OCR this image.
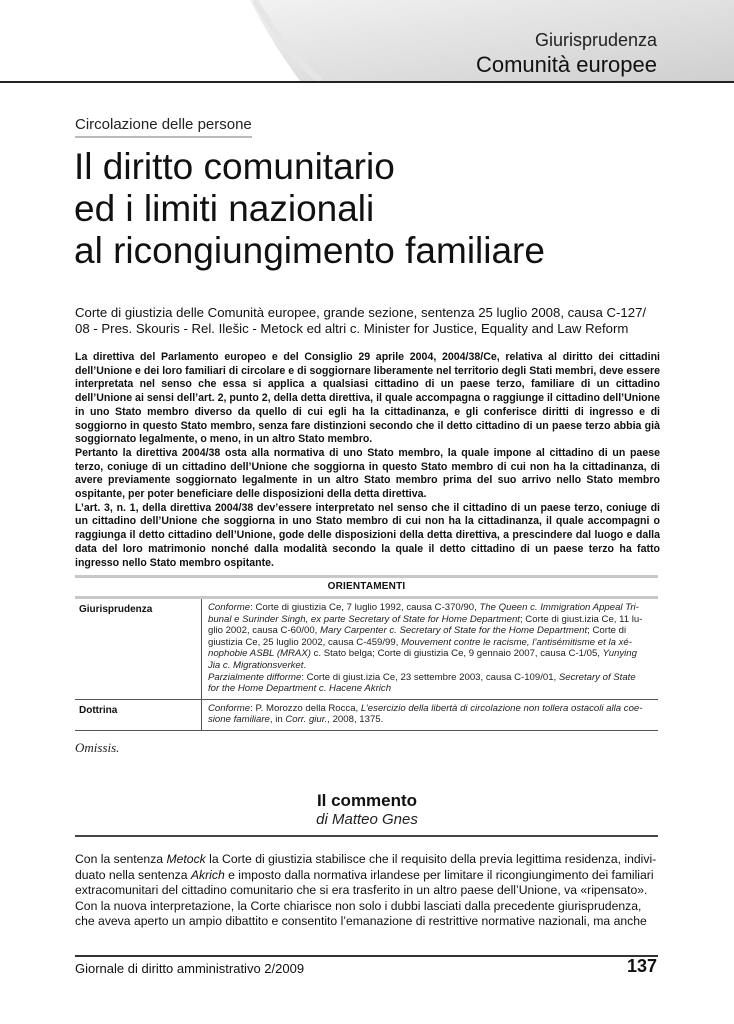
Giurisprudenza
Comunità europee
Circolazione delle persone
Il diritto comunitario
ed i limiti nazionali
al ricongiungimento familiare
Corte di giustizia delle Comunità europee, grande sezione, sentenza 25 luglio 2008, causa C-127/
08 - Pres. Skouris - Rel. Ilešic - Metock ed altri c. Minister for Justice, Equality and Law Reform

La direttiva del Parlamento europeo e del Consiglio 29 aprile 2004, 2004/38/Ce, relativa al diritto dei cittadini dell’Unione e dei loro familiari di circolare e di soggiornare liberamente nel territorio degli Stati membri, deve essere interpretata nel senso che essa si applica a qualsiasi cittadino di un paese terzo, familiare di un cittadino dell’Unione ai sensi dell’art. 2, punto 2, della detta direttiva, il quale accompagna o raggiunge il cittadino dell’Unione in uno Stato membro diverso da quello di cui egli ha la cittadinanza, e gli conferisce diritti di ingresso e di soggiorno in questo Stato membro, senza fare distinzioni secondo che il detto cittadino di un paese terzo abbia già soggiornato legalmente, o meno, in un altro Stato membro.

Pertanto la direttiva 2004/38 osta alla normativa di uno Stato membro, la quale impone al cittadino di un paese terzo, coniuge di un cittadino dell’Unione che soggiorna in questo Stato membro di cui non ha la cittadinanza, di avere previamente soggiornato legalmente in un altro Stato membro prima del suo arrivo nello Stato membro ospitante, per poter beneficiare delle disposizioni della detta direttiva.

L’art. 3, n. 1, della direttiva 2004/38 dev’essere interpretato nel senso che il cittadino di un paese terzo, coniuge di un cittadino dell’Unione che soggiorna in uno Stato membro di cui non ha la cittadinanza, il quale accompagni o raggiunga il detto cittadino dell’Unione, gode delle disposizioni della detta direttiva, a prescindere dal luogo e dalla data del loro matrimonio nonché dalla modalità secondo la quale il detto cittadino di un paese terzo ha fatto ingresso nello Stato membro ospitante.

ORIENTAMENTI
Giurisprudenza	Conforme: Corte di giustizia Ce, 7 luglio 1992, causa C-370/90, The Queen c. Immigration Appeal Tri-
bunal e Surinder Singh, ex parte Secretary of State for Home Department; Corte di giust.izia Ce, 11 lu-
glio 2002, causa C-60/00, Mary Carpenter c. Secretary of State for the Home Department; Corte di
giustizia Ce, 25 luglio 2002, causa C-459/99, Mouvement contre le racisme, l’antisémitisme et la xé-
nophobie ASBL (MRAX) c. Stato belga; Corte di giustizia Ce, 9 gennaio 2007, causa C-1/05, Yunying
Jia c. Migrationsverket.
Parzialmente difforme: Corte di giust.izia Ce, 23 settembre 2003, causa C-109/01, Secretary of State
for the Home Department c. Hacene Akrich
Dottrina	Conforme: P. Morozzo della Rocca, L’esercizio della libertà di circolazione non tollera ostacoli alla coe-
sione familiare, in Corr. giur., 2008, 1375.
Omissis.
Il commento
di Matteo Gnes
Con la sentenza Metock la Corte di giustizia stabilisce che il requisito della previa legittima residenza, indivi-
duato nella sentenza Akrich e imposto dalla normativa irlandese per limitare il ricongiungimento dei familiari
extracomunitari del cittadino comunitario che si era trasferito in un altro paese dell’Unione, va «ripensato».
Con la nuova interpretazione, la Corte chiarisce non solo i dubbi lasciati dalla precedente giurisprudenza,
che aveva aperto un ampio dibattito e consentito l’emanazione di restrittive normative nazionali, ma anche
Giornale di diritto amministrativo 2/2009	137
